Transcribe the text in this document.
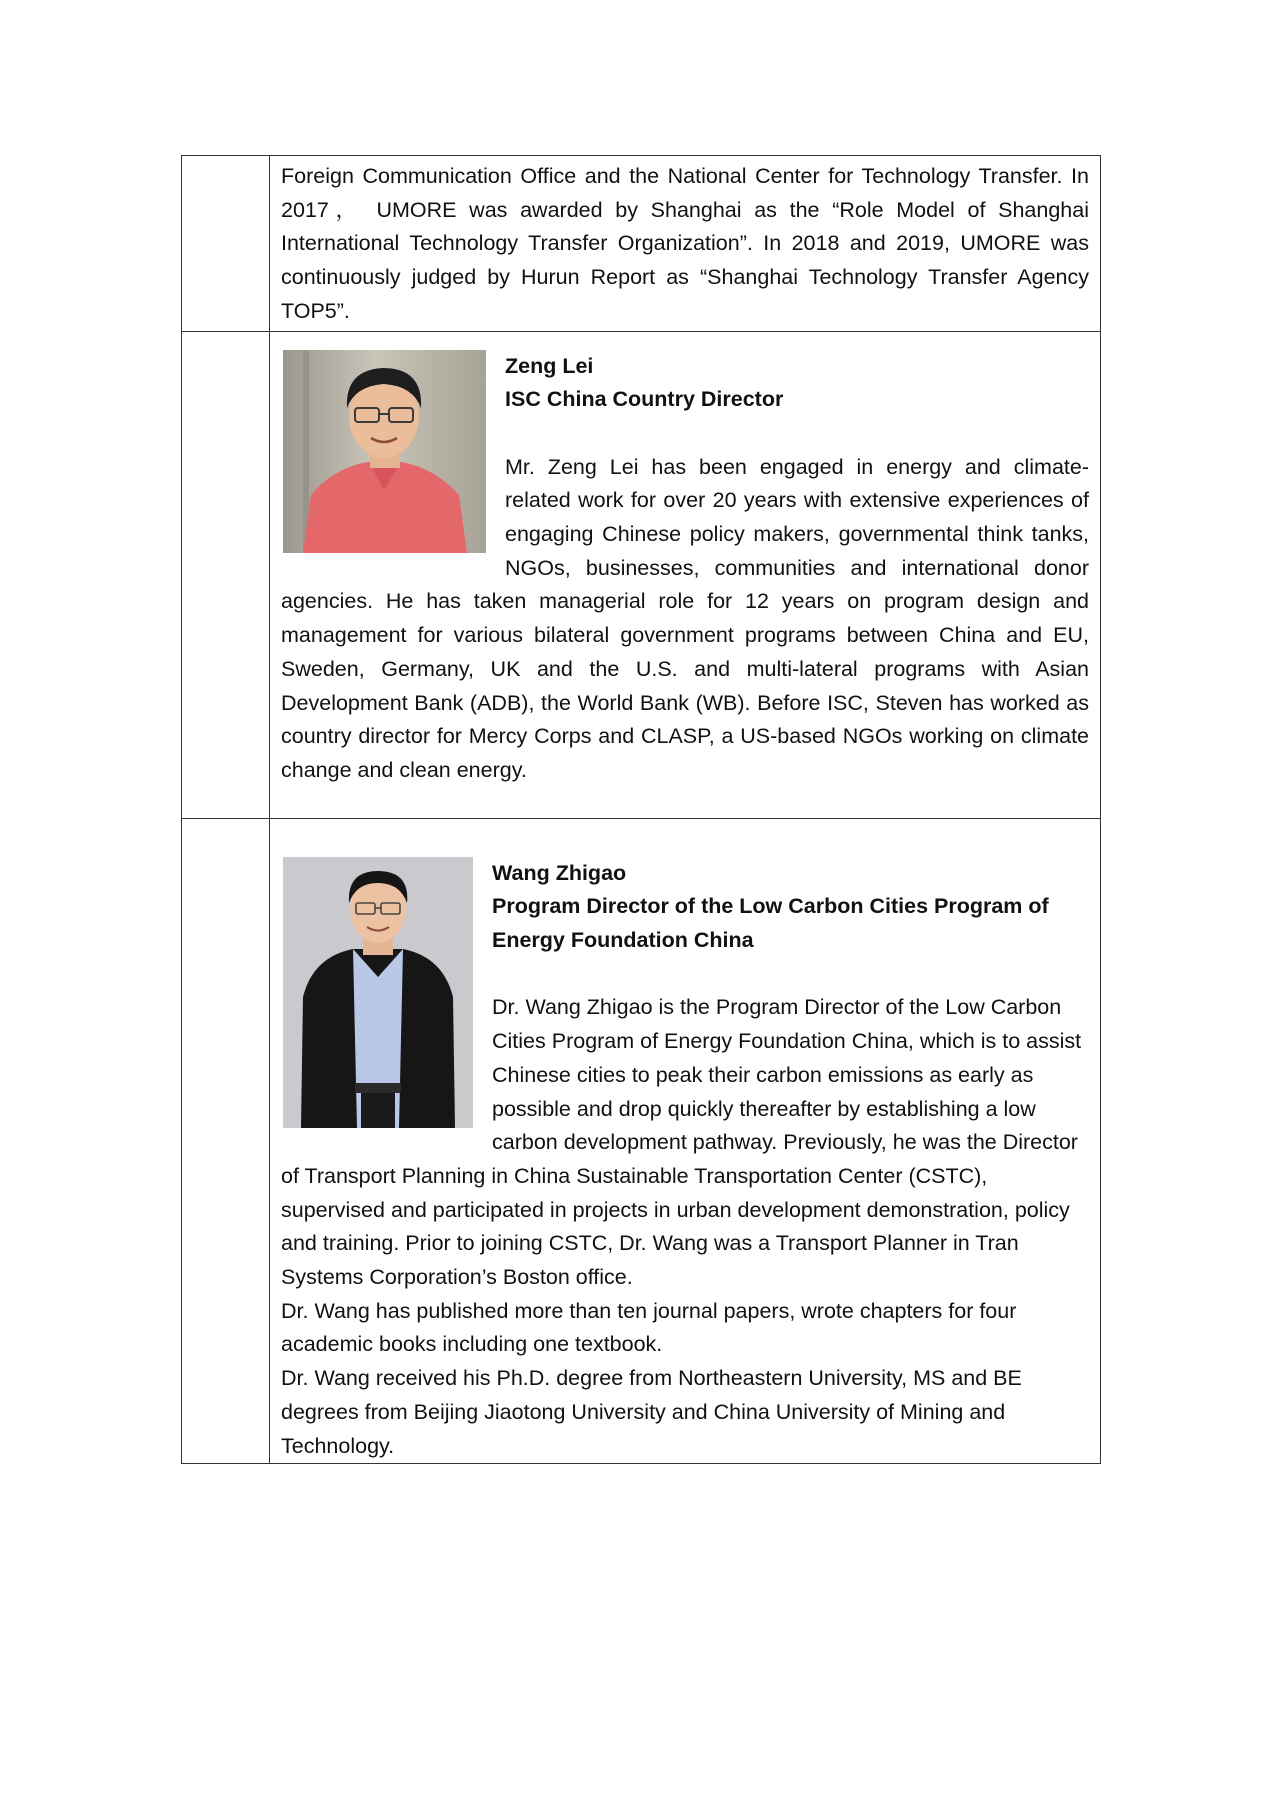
	Foreign Communication Office and the National Center for Technology Transfer. In 2017， UMORE was awarded by Shanghai as the “Role Model of Shanghai International Technology Transfer Organization”. In 2018 and 2019, UMORE was continuously judged by Hurun Report as “Shanghai Technology Transfer Agency TOP5”.

	Zeng Lei
ISC China Country Director
Mr. Zeng Lei has been engaged in energy and climate-related work for over 20 years with extensive experiences of engaging Chinese policy makers, governmental think tanks, NGOs, businesses, communities and international donor agencies. He has taken managerial role for 12 years on program design and management for various bilateral government programs between China and EU, Sweden, Germany, UK and the U.S. and multi-lateral programs with Asian Development Bank (ADB), the World Bank (WB). Before ISC, Steven has worked as country director for Mercy Corps and CLASP, a US-based NGOs working on climate change and clean energy.

	Wang Zhigao
Program Director of the Low Carbon Cities Program of Energy Foundation China
Dr. Wang Zhigao is the Program Director of the Low Carbon Cities Program of Energy Foundation China, which is to assist Chinese cities to peak their carbon emissions as early as possible and drop quickly thereafter by establishing a low carbon development pathway. Previously, he was the Director of Transport Planning in China Sustainable Transportation Center (CSTC), supervised and participated in projects in urban development demonstration, policy and training. Prior to joining CSTC, Dr. Wang was a Transport Planner in Tran Systems Corporation’s Boston office.
Dr. Wang has published more than ten journal papers, wrote chapters for four academic books including one textbook.
Dr. Wang received his Ph.D. degree from Northeastern University, MS and BE degrees from Beijing Jiaotong University and China University of Mining and Technology.
